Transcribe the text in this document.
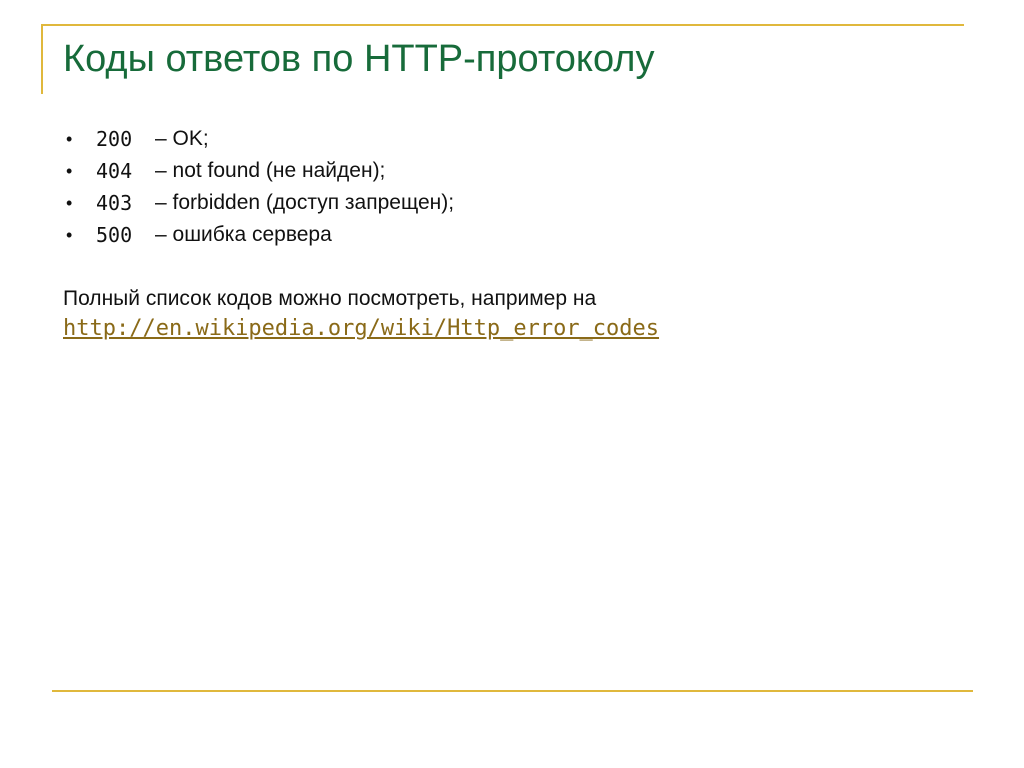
Коды ответов по HTTP-протоколу
•	200	– OK;
•	404	– not found (не найден);
•	403	– forbidden (доступ запрещен);
•	500	– ошибка сервера
Полный список кодов можно посмотреть, например на
http://en.wikipedia.org/wiki/Http_error_codes
